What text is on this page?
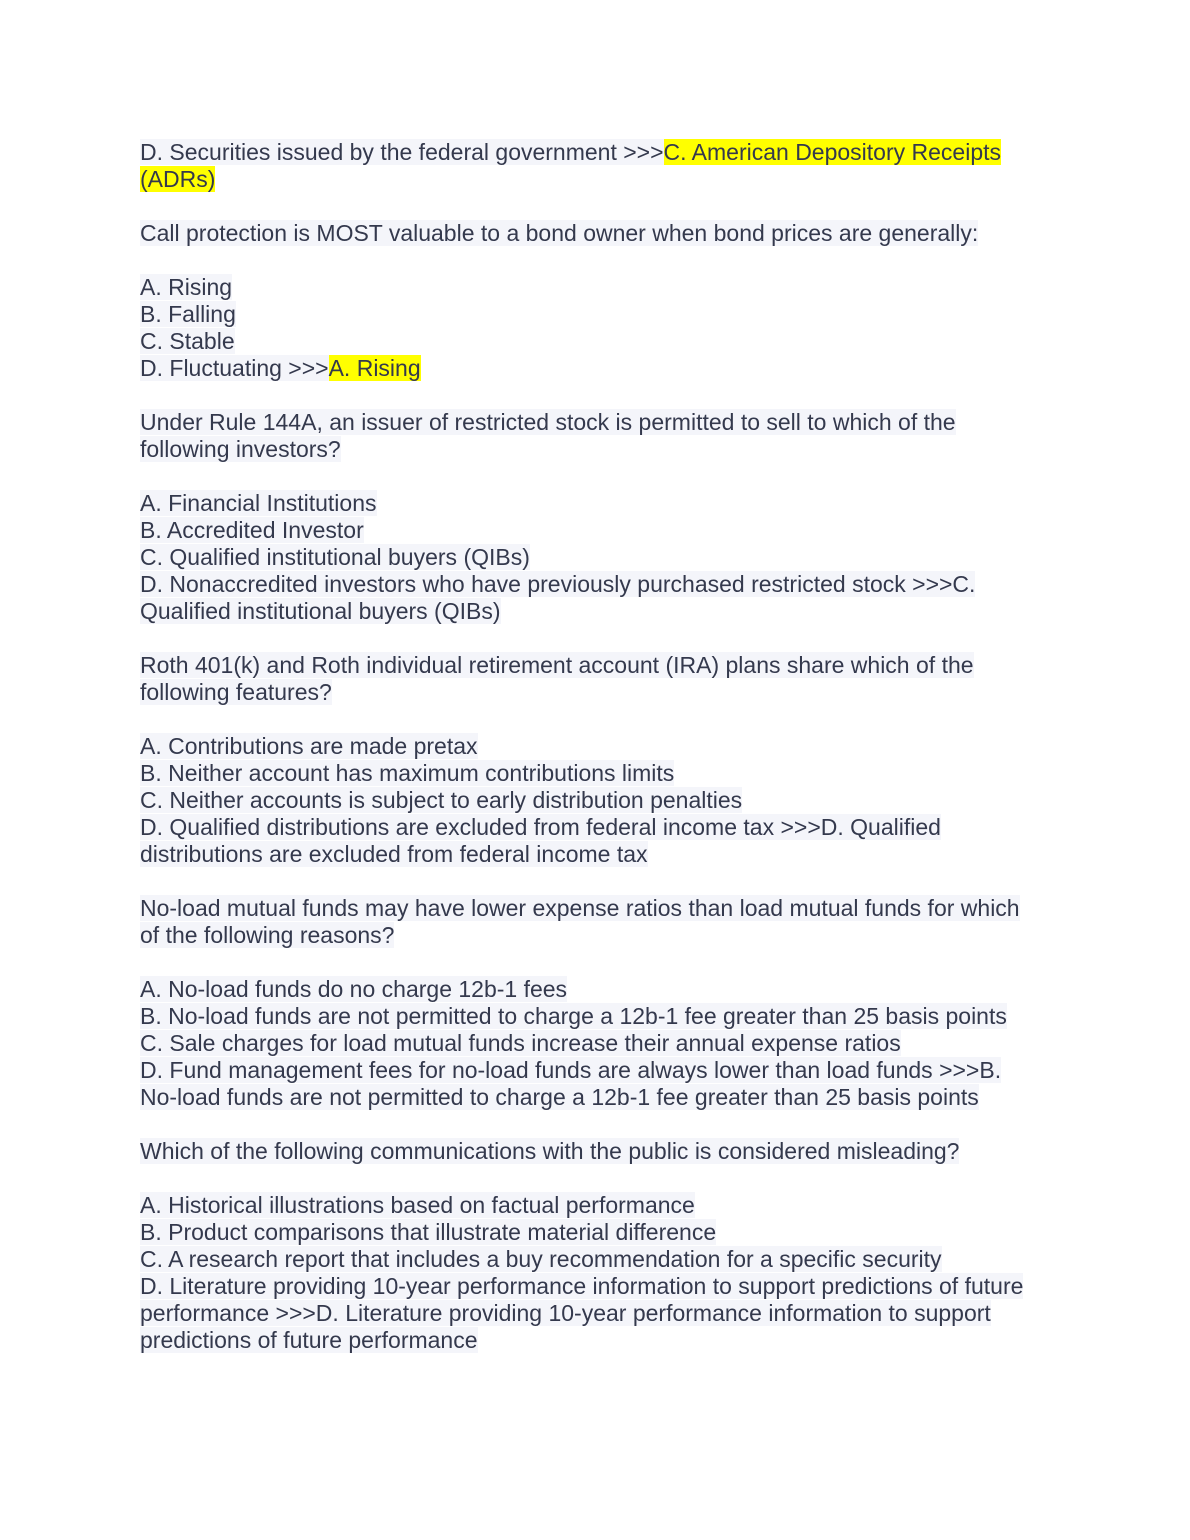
D. Securities issued by the federal government >>>C. American Depository Receipts
(ADRs)
Call protection is MOST valuable to a bond owner when bond prices are generally:
A. Rising
B. Falling
C. Stable
D. Fluctuating >>>A. Rising
Under Rule 144A, an issuer of restricted stock is permitted to sell to which of the
following investors?
A. Financial Institutions
B. Accredited Investor
C. Qualified institutional buyers (QIBs)
D. Nonaccredited investors who have previously purchased restricted stock >>>C.
Qualified institutional buyers (QIBs)
Roth 401(k) and Roth individual retirement account (IRA) plans share which of the
following features?
A. Contributions are made pretax
B. Neither account has maximum contributions limits
C. Neither accounts is subject to early distribution penalties
D. Qualified distributions are excluded from federal income tax >>>D. Qualified
distributions are excluded from federal income tax
No-load mutual funds may have lower expense ratios than load mutual funds for which
of the following reasons?
A. No-load funds do no charge 12b-1 fees
B. No-load funds are not permitted to charge a 12b-1 fee greater than 25 basis points
C. Sale charges for load mutual funds increase their annual expense ratios
D. Fund management fees for no-load funds are always lower than load funds >>>B.
No-load funds are not permitted to charge a 12b-1 fee greater than 25 basis points
Which of the following communications with the public is considered misleading?
A. Historical illustrations based on factual performance
B. Product comparisons that illustrate material difference
C. A research report that includes a buy recommendation for a specific security
D. Literature providing 10-year performance information to support predictions of future
performance >>>D. Literature providing 10-year performance information to support
predictions of future performance
